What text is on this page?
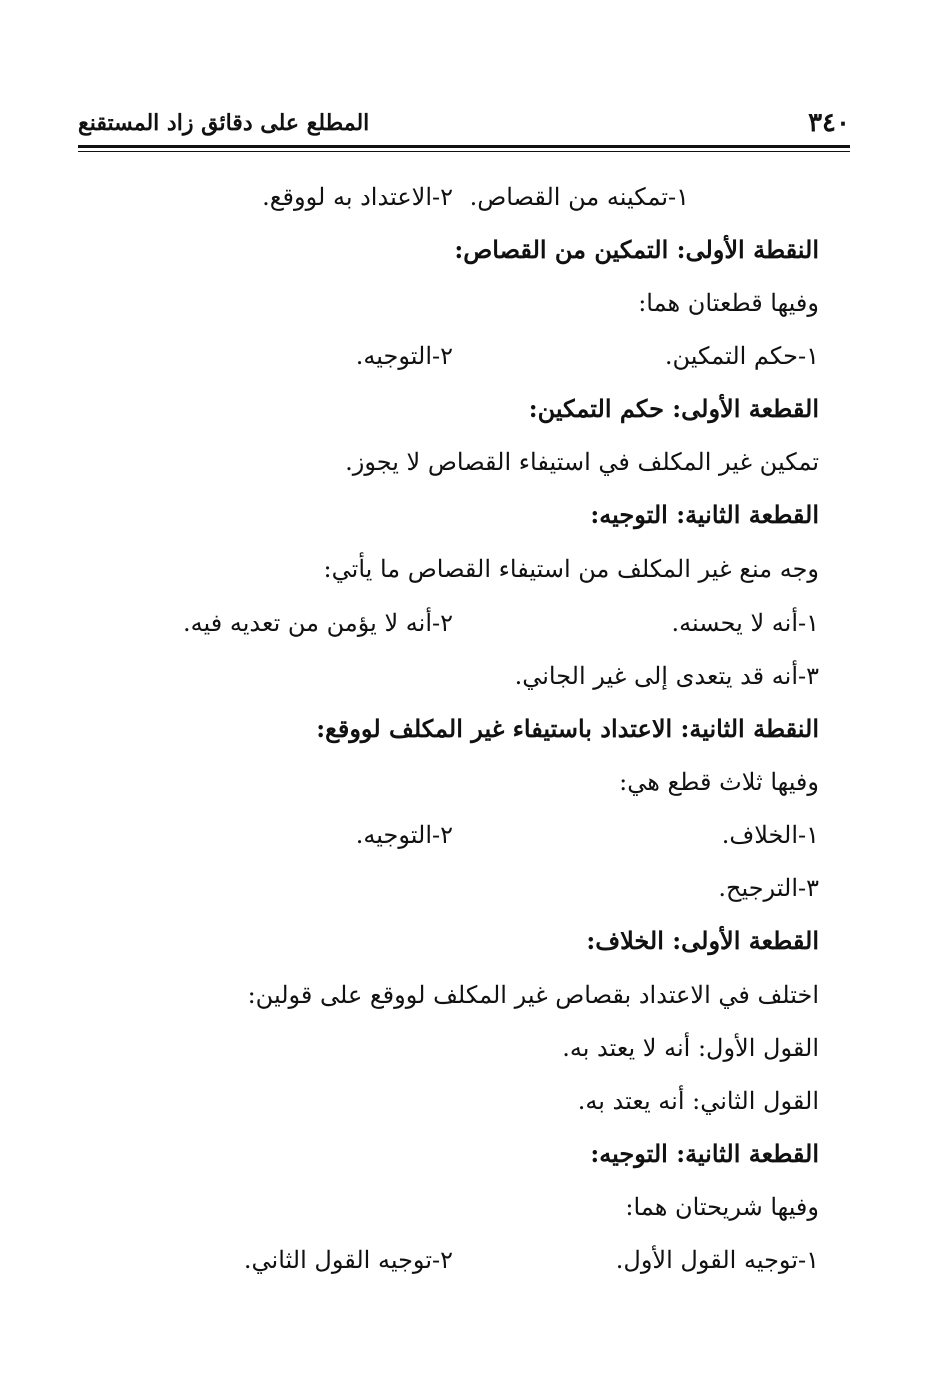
٣٤٠
المطلع على دقائق زاد المستقنع
١-تمكينه من القصاص.
٢-الاعتداد به لووقع.
النقطة الأولى: التمكين من القصاص:
وفيها قطعتان هما:
١-حكم التمكين.
٢-التوجيه.
القطعة الأولى: حكم التمكين:
تمكين غير المكلف في استيفاء القصاص لا يجوز.
القطعة الثانية: التوجيه:
وجه منع غير المكلف من استيفاء القصاص ما يأتي:
١-أنه لا يحسنه.
٢-أنه لا يؤمن من تعديه فيه.
٣-أنه قد يتعدى إلى غير الجاني.
النقطة الثانية: الاعتداد باستيفاء غير المكلف لووقع:
وفيها ثلاث قطع هي:
١-الخلاف.
٢-التوجيه.
٣-الترجيح.
القطعة الأولى: الخلاف:
اختلف في الاعتداد بقصاص غير المكلف لووقع على قولين:
القول الأول: أنه لا يعتد به.
القول الثاني: أنه يعتد به.
القطعة الثانية: التوجيه:
وفيها شريحتان هما:
١-توجيه القول الأول.
٢-توجيه القول الثاني.
